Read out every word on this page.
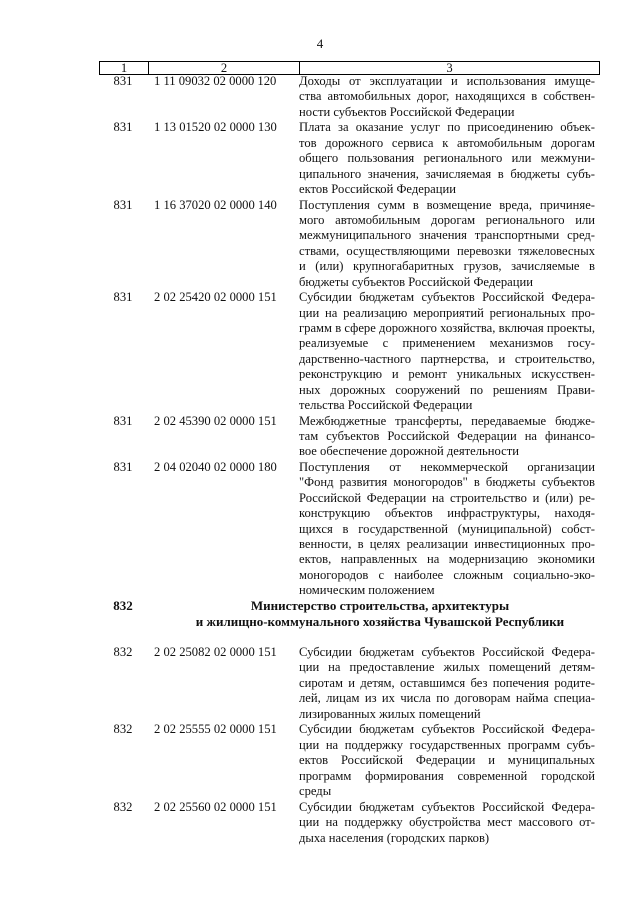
4
1	2	3
831	1 11 09032 02 0000 120	Доходы от эксплуатации и использования имуще-
ства автомобильных дорог, находящихся в собствен-
ности субъектов Российской Федерации
831	1 13 01520 02 0000 130	Плата за оказание услуг по присоединению объек-
тов дорожного сервиса к автомобильным дорогам
общего пользования регионального или межмуни-
ципального значения, зачисляемая в бюджеты субъ-
ектов Российской Федерации
831	1 16 37020 02 0000 140	Поступления сумм в возмещение вреда, причиняе-
мого автомобильным дорогам регионального или
межмуниципального значения транспортными сред-
ствами, осуществляющими перевозки тяжеловесных
и (или) крупногабаритных грузов, зачисляемые в
бюджеты субъектов Российской Федерации
831	2 02 25420 02 0000 151	Субсидии бюджетам субъектов Российской Федера-
ции на реализацию мероприятий региональных про-
грамм в сфере дорожного хозяйства, включая проекты,
реализуемые с применением механизмов госу-
дарственно-частного партнерства, и строительство,
реконструкцию и ремонт уникальных искусствен-
ных дорожных сооружений по решениям Прави-
тельства Российской Федерации
831	2 02 45390 02 0000 151	Межбюджетные трансферты, передаваемые бюдже-
там субъектов Российской Федерации на финансо-
вое обеспечение дорожной деятельности
831	2 04 02040 02 0000 180	Поступления от некоммерческой организации
"Фонд развития моногородов" в бюджеты субъектов
Российской Федерации на строительство и (или) ре-
конструкцию объектов инфраструктуры, находя-
щихся в государственной (муниципальной) собст-
венности, в целях реализации инвестиционных про-
ектов, направленных на модернизацию экономики
моногородов с наиболее сложным социально-эко-
номическим положением
832	Министерство строительства, архитектуры
и жилищно-коммунального хозяйства Чувашской Республики
832	2 02 25082 02 0000 151	Субсидии бюджетам субъектов Российской Федера-
ции на предоставление жилых помещений детям-
сиротам и детям, оставшимся без попечения родите-
лей, лицам из их числа по договорам найма специа-
лизированных жилых помещений
832	2 02 25555 02 0000 151	Субсидии бюджетам субъектов Российской Федера-
ции на поддержку государственных программ субъ-
ектов Российской Федерации и муниципальных
программ формирования современной городской
среды
832	2 02 25560 02 0000 151	Субсидии бюджетам субъектов Российской Федера-
ции на поддержку обустройства мест массового от-
дыха населения (городских парков)
